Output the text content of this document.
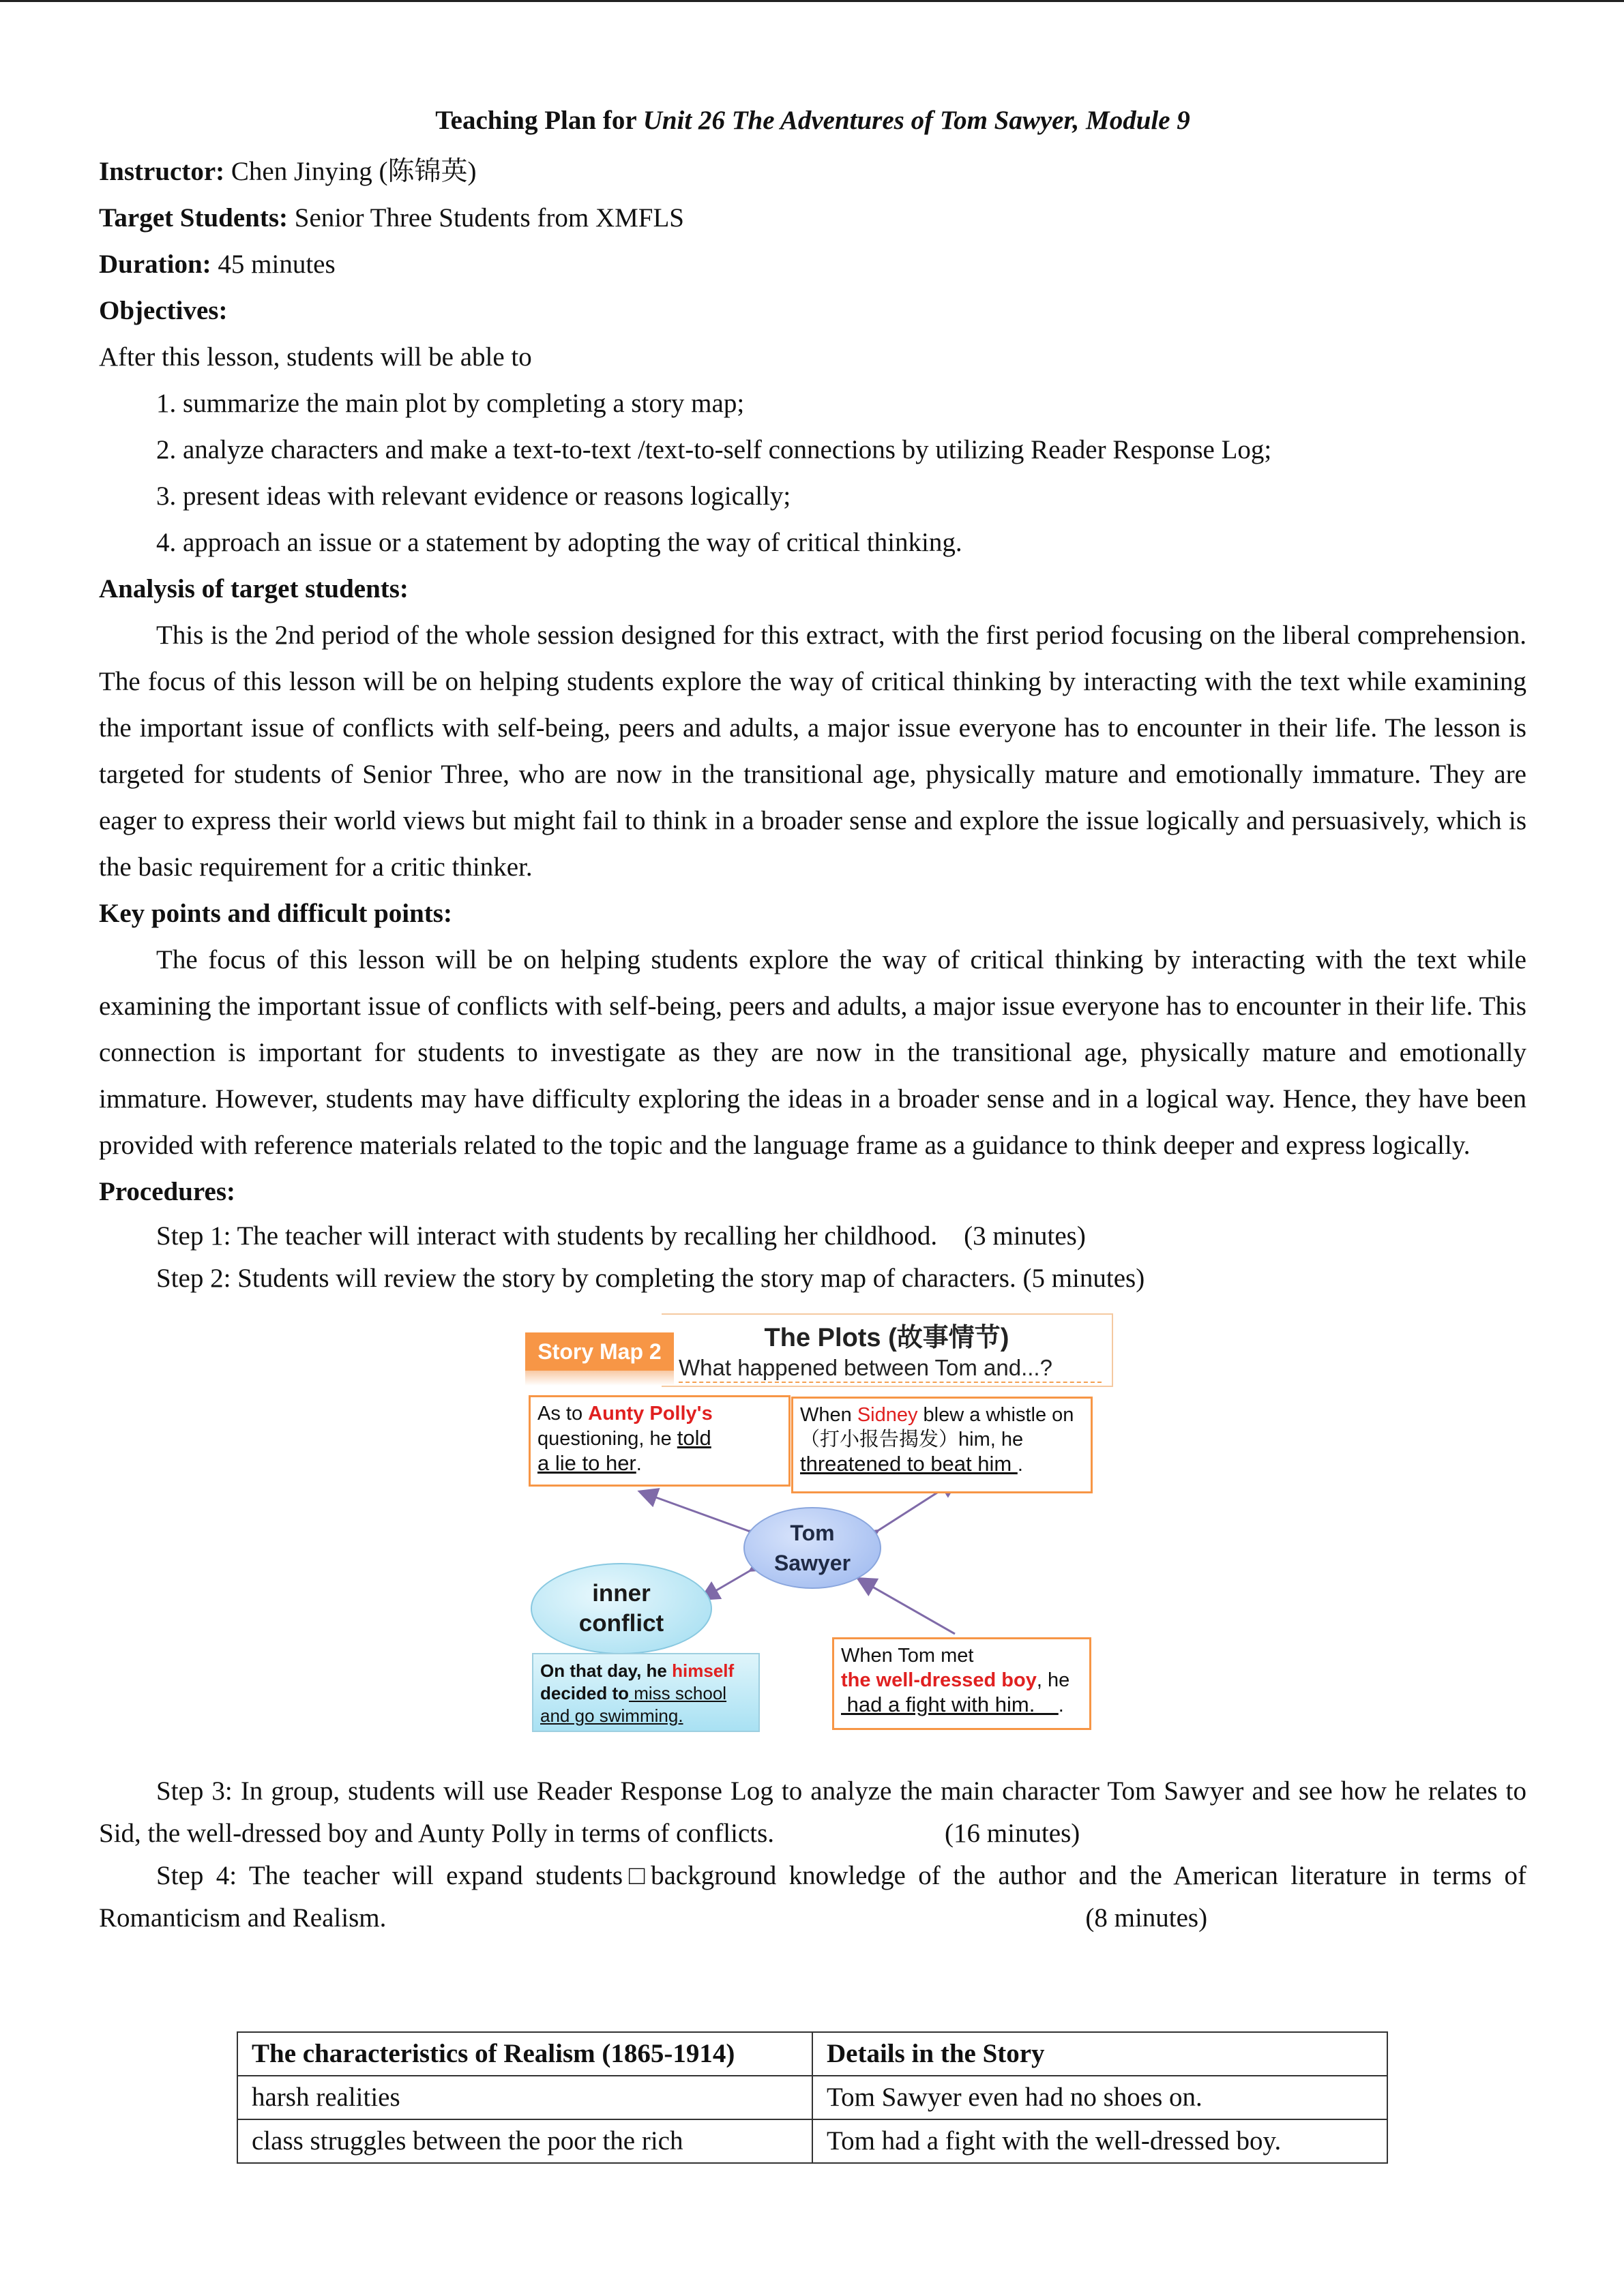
Teaching Plan for Unit 26 The Adventures of Tom Sawyer, Module 9

Instructor: Chen Jinying (陈锦英)

Target Students: Senior Three Students from XMFLS

Duration: 45 minutes

Objectives:

After this lesson, students will be able to

1. summarize the main plot by completing a story map;

2. analyze characters and make a text-to-text /text-to-self connections by utilizing Reader Response Log;

3. present ideas with relevant evidence or reasons logically;

4. approach an issue or a statement by adopting the way of critical thinking.

Analysis of target students:

This is the 2nd period of the whole session designed for this extract, with the first period focusing on the liberal comprehension. The focus of this lesson will be on helping students explore the way of critical thinking by interacting with the text while examining the important issue of conflicts with self-being, peers and adults, a major issue everyone has to encounter in their life. The lesson is targeted for students of Senior Three, who are now in the transitional age, physically mature and emotionally immature. They are eager to express their world views but might fail to think in a broader sense and explore the issue logically and persuasively, which is the basic requirement for a critic thinker.

Key points and difficult points:

The focus of this lesson will be on helping students explore the way of critical thinking by interacting with the text while examining the important issue of conflicts with self-being, peers and adults, a major issue everyone has to encounter in their life. This connection is important for students to investigate as they are now in the transitional age, physically mature and emotionally immature. However, students may have difficulty exploring the ideas in a broader sense and in a logical way. Hence, they have been provided with reference materials related to the topic and the language frame as a guidance to think deeper and express logically.

Procedures:

Step 1: The teacher will interact with students by recalling her childhood.    (3 minutes)

Step 2: Students will review the story by completing the story map of characters. (5 minutes)

The Plots (故事情节)
What happened between Tom and...?
Story Map 2
As to Aunty Polly's questioning, he told
a lie to her.
When Sidney blew a whistle on（打小报告揭发）him, he threatened to beat him .
Tom
Sawyer
inner
conflict
On that day, he himself decided to miss school and go swimming.
When Tom met
the well-dressed boy, he
had a fight with him.    .

Step 3: In group, students will use Reader Response Log to analyze the main character Tom Sawyer and see how he relates to Sid, the well-dressed boy and Aunty Polly in terms of conflicts.	(16 minutes)

Step 4: The teacher will expand students□background knowledge of the author and the American literature in terms of Romanticism and Realism.	(8 minutes)

The characteristics of Realism (1865-1914)	Details in the Story
harsh realities	Tom Sawyer even had no shoes on.
class struggles between the poor the rich	Tom had a fight with the well-dressed boy.
